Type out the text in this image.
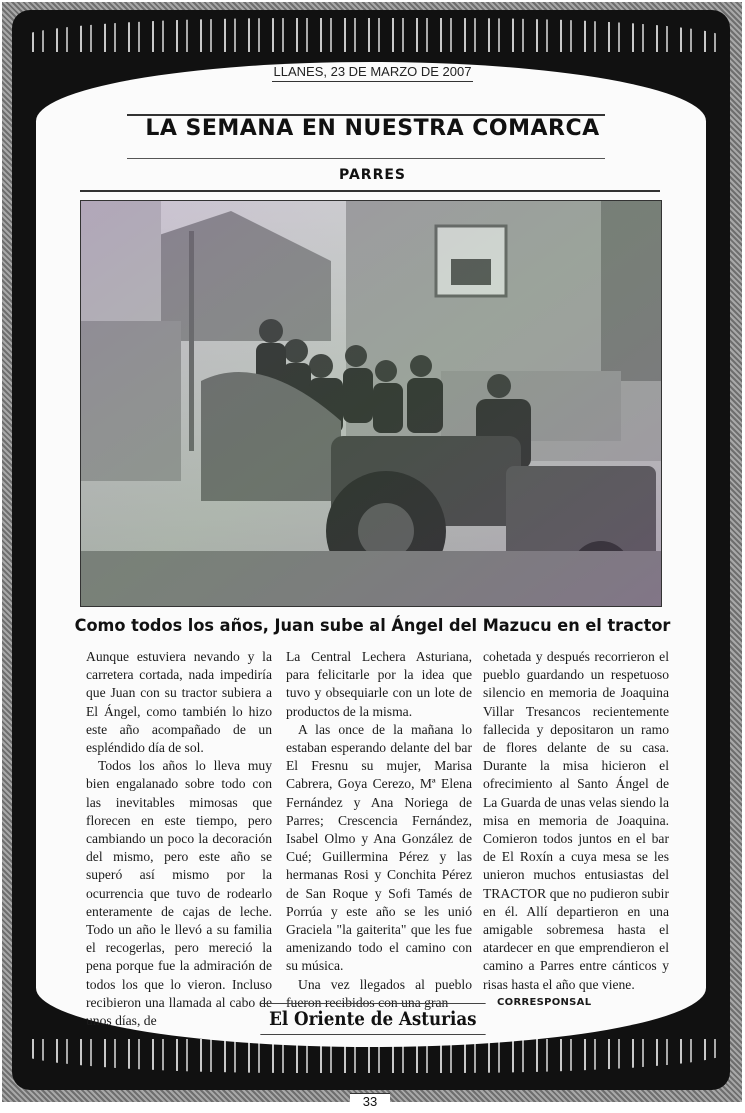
LLANES, 23 DE MARZO DE 2007
LA SEMANA EN NUESTRA COMARCA
PARRES
Como todos los años, Juan sube al Ángel del Mazucu en el tractor

Aunque estuviera nevando y la carretera cortada, nada impediría que Juan con su tractor subiera a El Ángel, como también lo hizo este año acompañado de un espléndido día de sol.

Todos los años lo lleva muy bien engalanado sobre todo con las inevitables mimosas que florecen en este tiempo, pero cambiando un poco la decoración del mismo, pero este año se superó así mismo por la ocurrencia que tuvo de rodearlo enteramente de cajas de leche. Todo un año le llevó a su familia el recogerlas, pero mereció la pena porque fue la admiración de todos los que lo vieron. Incluso recibieron una llamada al cabo de unos días, de

La Central Lechera Asturiana, para felicitarle por la idea que tuvo y obsequiarle con un lote de productos de la misma.

A las once de la mañana lo estaban esperando delante del bar El Fresnu su mujer, Marisa Cabrera, Goya Cerezo, Mª Elena Fernández y Ana Noriega de Parres; Crescencia Fernández, Isabel Olmo y Ana González de Cué; Guillermina Pérez y las hermanas Rosi y Conchita Pérez de San Roque y Sofi Tamés de Porrúa y este año se les unió Graciela "la gaiterita" que les fue amenizando todo el camino con su música.

Una vez llegados al pueblo fueron recibidos con una gran

cohetada y después recorrieron el pueblo guardando un respetuoso silencio en memoria de Joaquina Villar Tresancos recientemente fallecida y depositaron un ramo de flores delante de su casa. Durante la misa hicieron el ofrecimiento al Santo Ángel de La Guarda de unas velas siendo la misa en memoria de Joaquina. Comieron todos juntos en el bar de El Roxín a cuya mesa se les unieron muchos entusiastas del TRACTOR que no pudieron subir en él. Allí departieron en una amigable sobremesa hasta el atardecer en que emprendieron el camino a Parres entre cánticos y risas hasta el año que viene.

CORRESPONSAL
El Oriente de Asturias
33
